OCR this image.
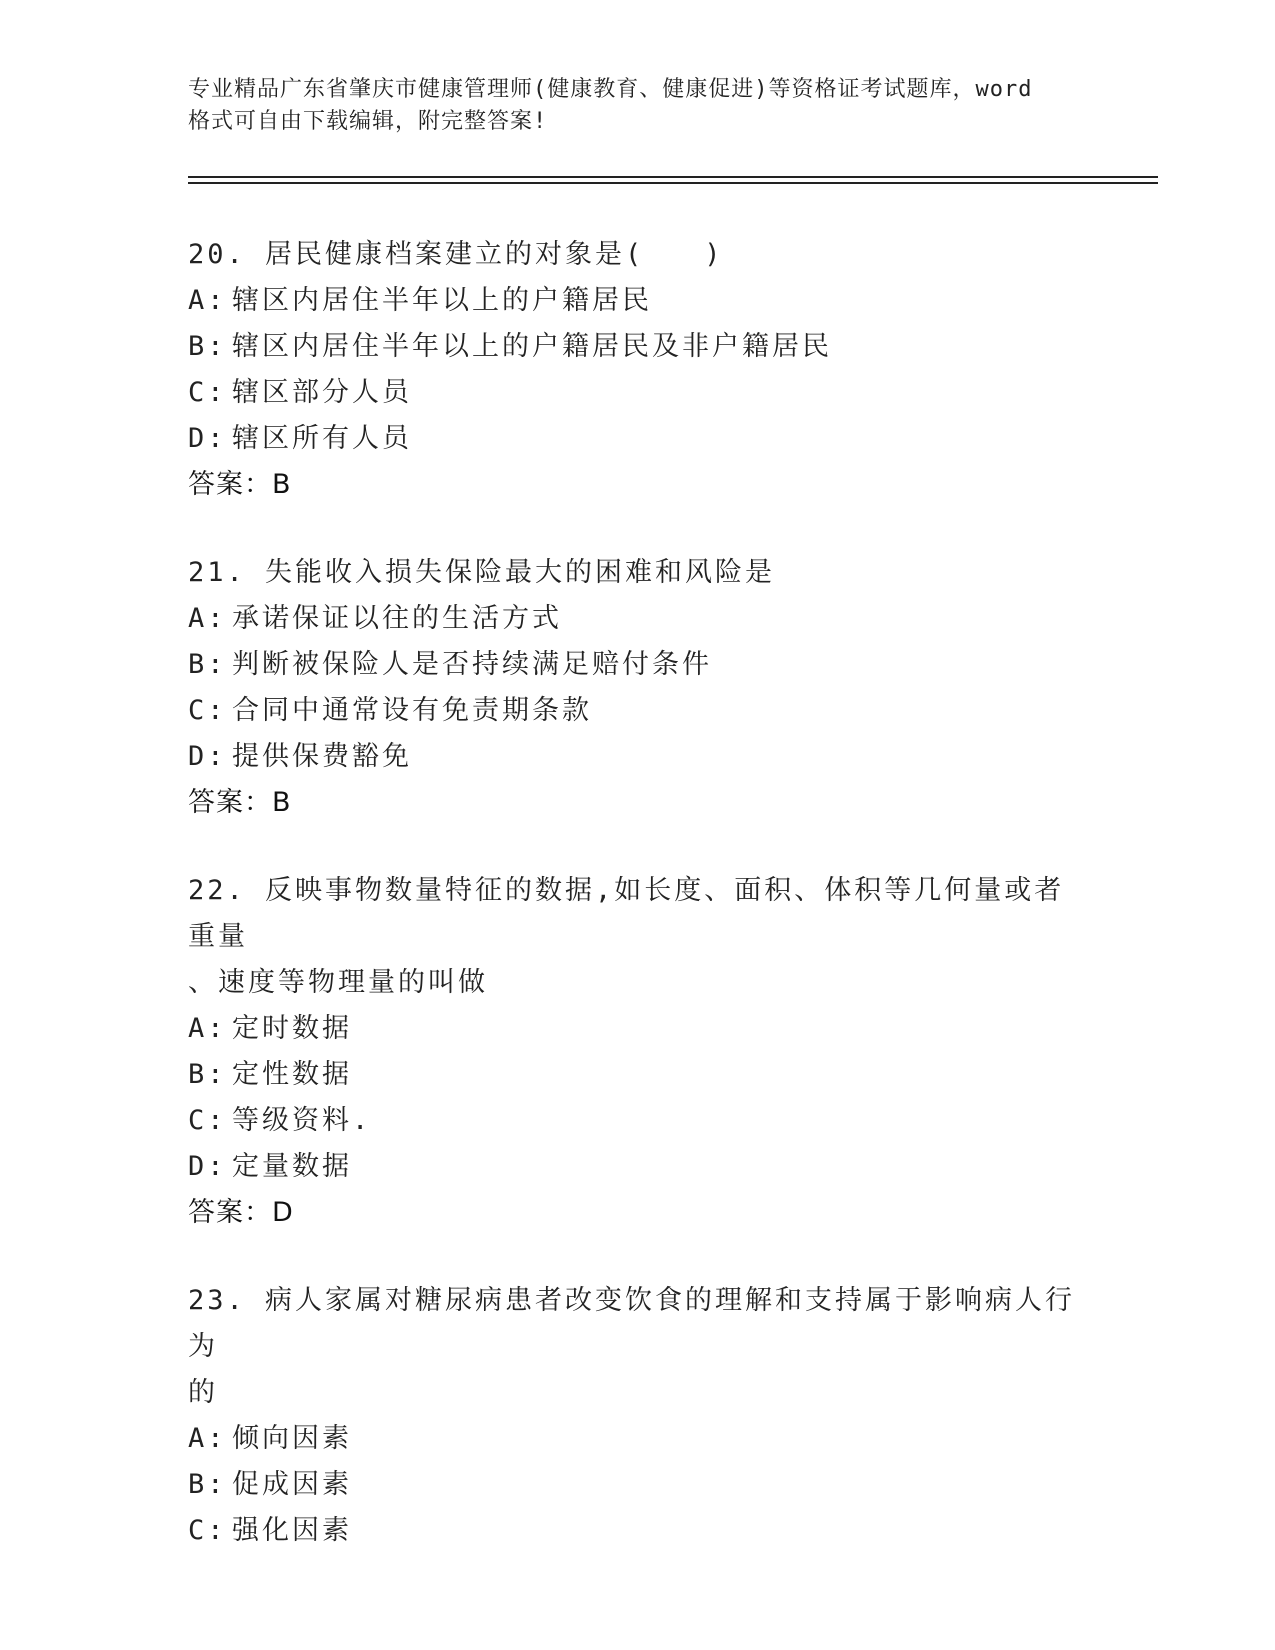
专业精品广东省肇庆市健康管理师(健康教育、健康促进)等资格证考试题库，word
格式可自由下载编辑，附完整答案!
20. 居民健康档案建立的对象是(　　)
A: 辖区内居住半年以上的户籍居民
B: 辖区内居住半年以上的户籍居民及非户籍居民
C: 辖区部分人员
D: 辖区所有人员
答案：B
21. 失能收入损失保险最大的困难和风险是
A: 承诺保证以往的生活方式
B: 判断被保险人是否持续满足赔付条件
C: 合同中通常设有免责期条款
D: 提供保费豁免
答案：B
22. 反映事物数量特征的数据,如长度、面积、体积等几何量或者重量
、速度等物理量的叫做
A: 定时数据
B: 定性数据
C: 等级资料.
D: 定量数据
答案：D
23. 病人家属对糖尿病患者改变饮食的理解和支持属于影响病人行为
的
A: 倾向因素
B: 促成因素
C: 强化因素
